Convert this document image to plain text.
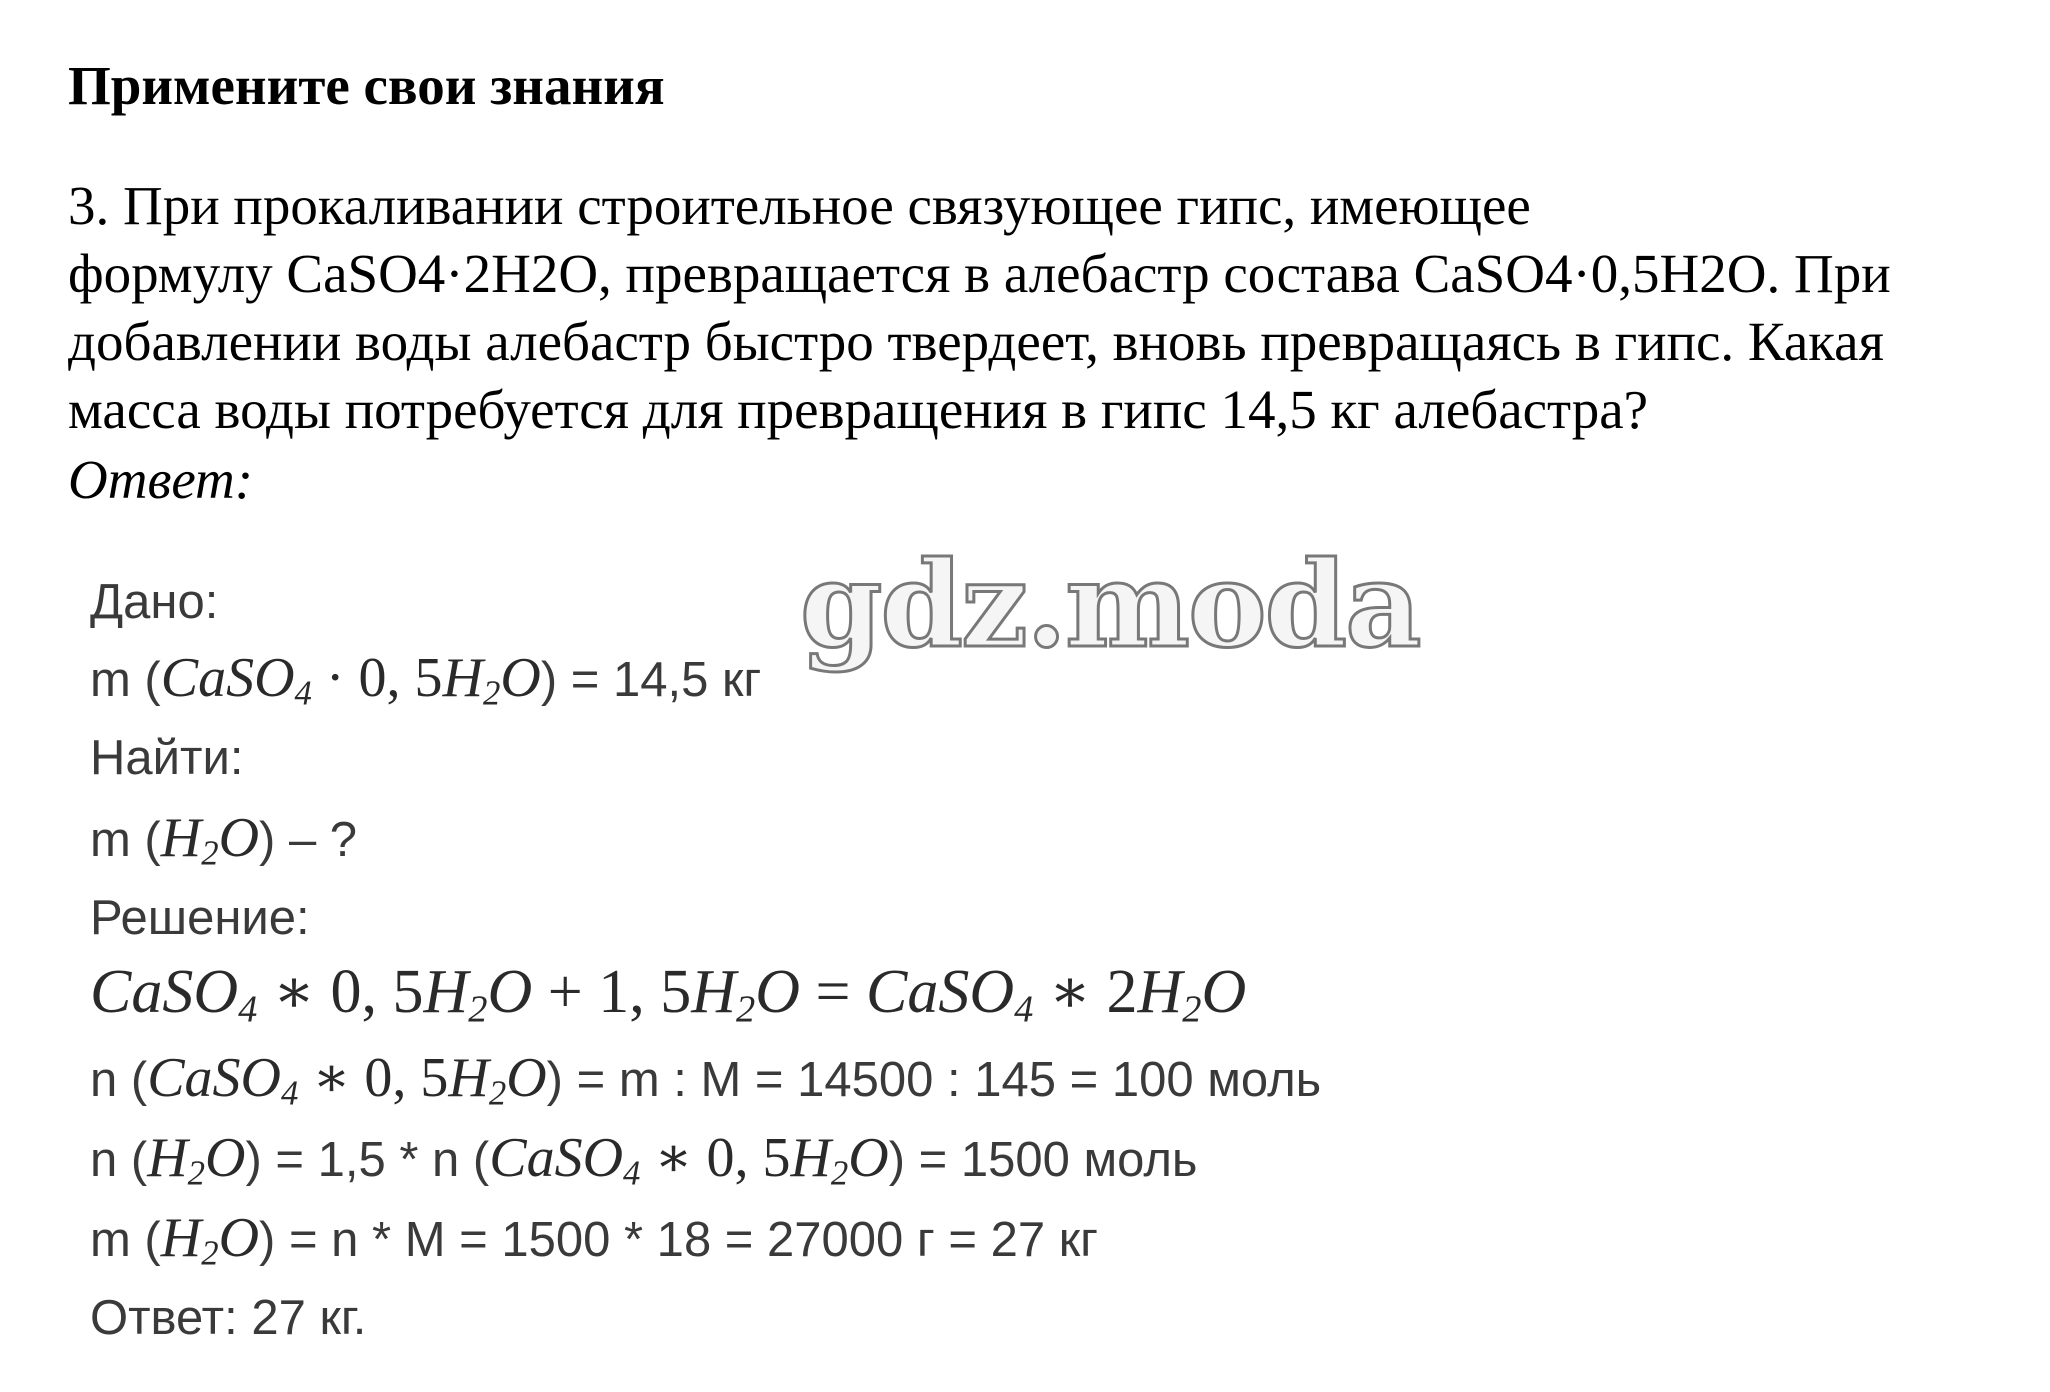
Примените свои знания
3. При прокаливании строительное связующее гипс, имеющее
формулу CaSO4·2H2O, превращается в алебастр состава CaSO4·0,5H2O. При
добавлении воды алебастр быстро твердеет, вновь превращаясь в гипс. Какая
масса воды потребуется для превращения в гипс 14,5 кг алебастра?
Ответ:
gdz.moda
Дано:
m (CaSO$_4$ · 0, $5H_2O) = 14,5$ кг
Найти:
m $(H_2O)$ – ?
Решение:
CaSO$_4$ ∗ 0, $5H_2O + 1$, $5H_2O$ = CaSO$_4$ ∗ $2H_2O$
n (CaSO$_4$ ∗ 0, $5H_2O) = m$ : M = 14500 : 145 = 100 моль
n $(H_2O) = 1,5 * n$ (CaSO$_4$ ∗ 0, $5H_2O) = 1500$ моль
m $(H_2O) = n * M = 1500 * 18 = 27000$ г = 27 кг
Ответ: 27 кг.
